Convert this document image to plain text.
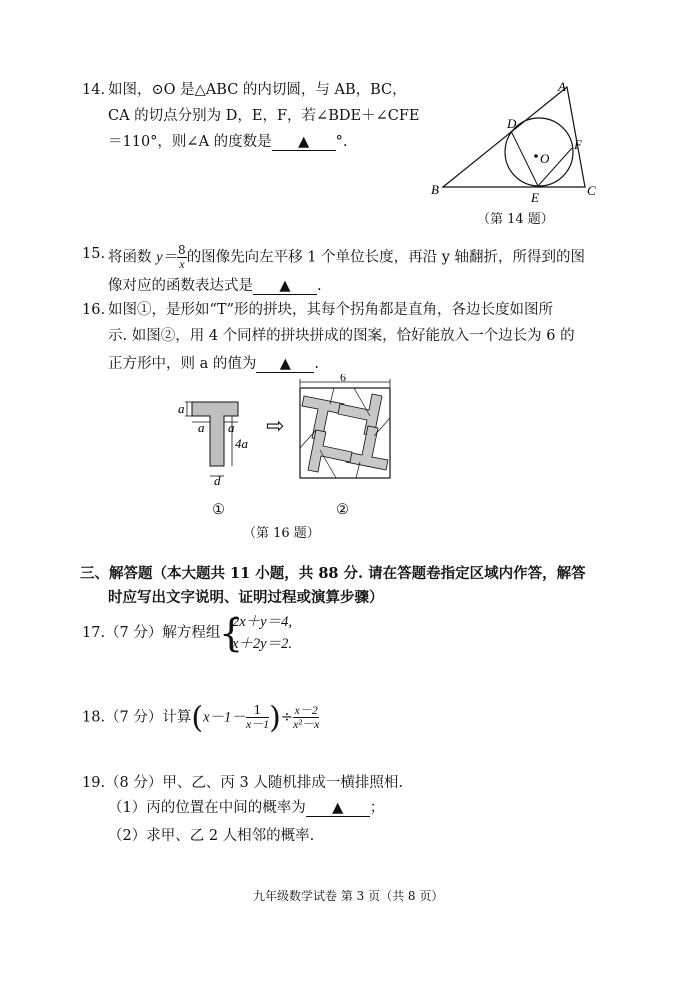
14. 如图，⊙O 是△ABC 的内切圆，与 AB，BC，
CA 的切点分别为 D，E，F，若∠BDE＋∠CFE
＝110°，则∠A 的度数是 ▲ °.
A
B	C
D
E
F
O
（第 14 题）
15. 将函数 $y= \frac{8}{x}$ 的图像先向左平移 1 个单位长度，再沿 y 轴翻折，所得到的图
像对应的函数表达式是 ▲ .
16. 如图①，是形如“T”形的拼块，其每个拐角都是直角，各边长度如图所
示. 如图②，用 4 个同样的拼块拼成的图案，恰好能放入一个边长为 6 的
正方形中，则 a 的值为 ▲ .
a
a a
4a
d
⇨
6
①	②
（第 16 题）
三、解答题（本大题共 11 小题，共 88 分. 请在答题卷指定区域内作答，解答
时应写出文字说明、证明过程或演算步骤）
17.（7 分）解方程组
{
2x＋y＝4,
x＋2y＝2.
18.（7 分）计算($x-1- \frac{1}{x-1}$ )÷ $\frac{x-2}{\text{x²－x}}$
19.（8 分）甲、乙、丙 3 人随机排成一横排照相.
（1）丙的位置在中间的概率为 ▲ ；
（2）求甲、乙 2 人相邻的概率.
九年级数学试卷 第 3 页（共 8 页）
